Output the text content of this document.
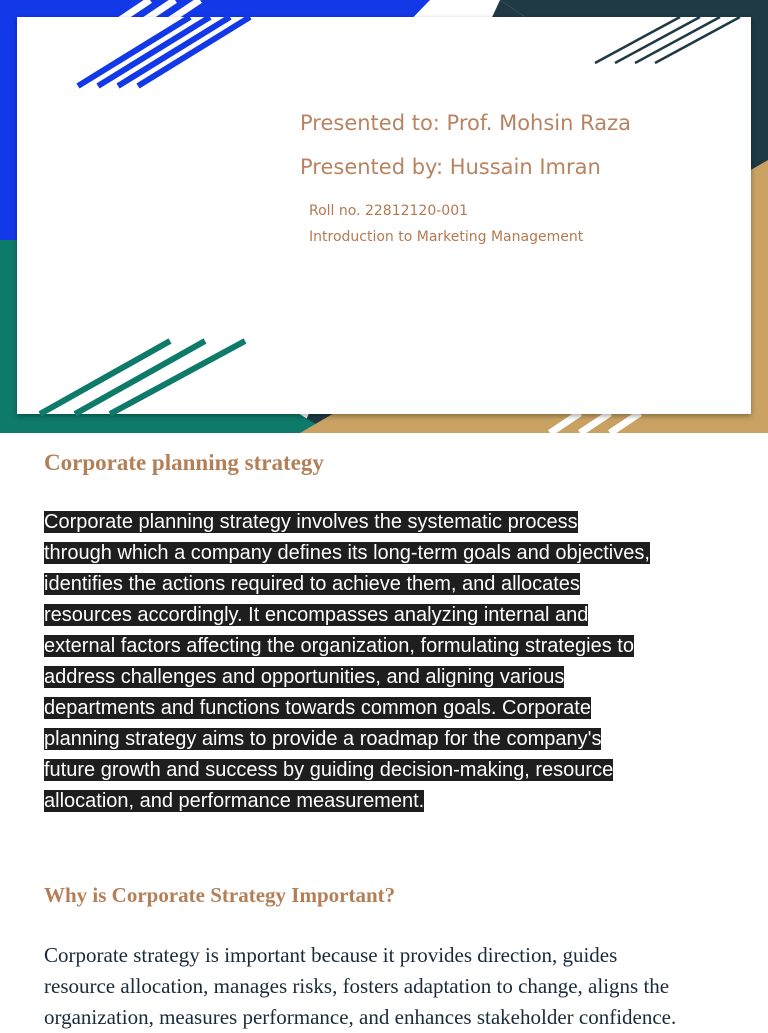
Presented to: Prof. Mohsin Raza
Presented by: Hussain Imran
Roll no. 22812120-001
Introduction to Marketing Management
Corporate planning strategy
Corporate planning strategy involves the systematic process
through which a company defines its long-term goals and objectives,
identifies the actions required to achieve them, and allocates
resources accordingly. It encompasses analyzing internal and
external factors affecting the organization, formulating strategies to
address challenges and opportunities, and aligning various
departments and functions towards common goals. Corporate
planning strategy aims to provide a roadmap for the company's
future growth and success by guiding decision-making, resource
allocation, and performance measurement.
Why is Corporate Strategy Important?
Corporate strategy is important because it provides direction, guides
resource allocation, manages risks, fosters adaptation to change, aligns the
organization, measures performance, and enhances stakeholder confidence.
